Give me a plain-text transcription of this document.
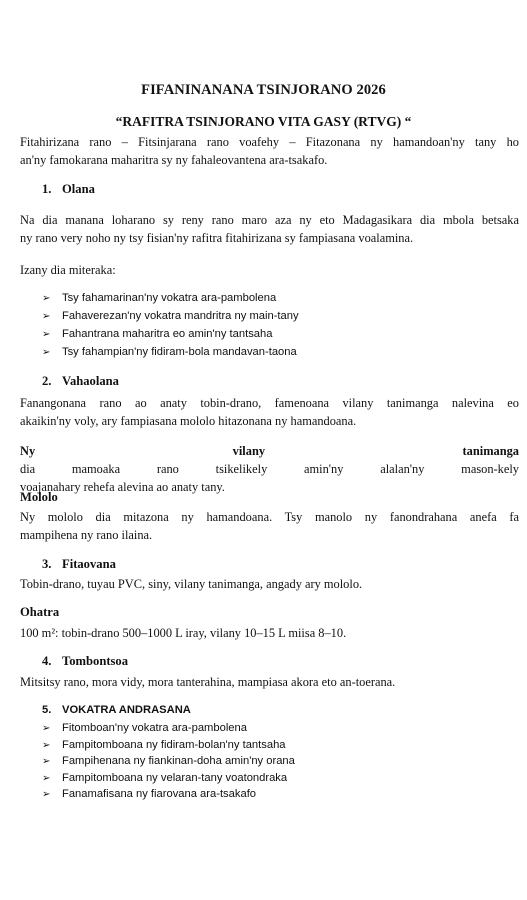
FIFANINANANA TSINJORANO 2026
“RAFITRA TSINJORANO VITA GASY (RTVG) “
Fitahirizana rano – Fitsinjarana rano voafehy – Fitazonana ny hamandoan'ny tany ho
an'ny famokarana maharitra sy ny fahaleovantena ara-tsakafo.
1. Olana
Na dia manana loharano sy reny rano maro aza ny eto Madagasikara dia mbola betsaka
ny rano very noho ny tsy fisian'ny rafitra fitahirizana sy fampiasana voalamina.
Izany dia miteraka:
➢ Tsy fahamarinan'ny vokatra ara-pambolena
➢ Fahaverezan'ny vokatra mandritra ny main-tany
➢ Fahantrana maharitra eo amin'ny tantsaha
➢ Tsy fahampian'ny fidiram-bola mandavan-taona
2. Vahaolana
Fanangonana rano ao anaty tobin-drano, famenoana vilany tanimanga nalevina eo
akaikin'ny voly, ary fampiasana mololo hitazonana ny hamandoana.
Ny vilany tanimanga
dia mamoaka rano tsikelikely amin'ny alalan'ny mason-kely
voajanahary rehefa alevina ao anaty tany.
Mololo
Ny mololo dia mitazona ny hamandoana. Tsy manolo ny fanondrahana anefa fa
mampihena ny rano ilaina.
3. Fitaovana
Tobin-drano, tuyau PVC, siny, vilany tanimanga, angady ary mololo.
Ohatra
100 m²: tobin-drano 500–1000 L iray, vilany 10–15 L miisa 8–10.
4. Tombontsoa
Mitsitsy rano, mora vidy, mora tanterahina, mampiasa akora eto an-toerana.
5. VOKATRA ANDRASANA
➢ Fitomboan'ny vokatra ara-pambolena
➢ Fampitomboana ny fidiram-bolan'ny tantsaha
➢ Fampihenana ny fiankinan-doha amin'ny orana
➢ Fampitomboana ny velaran-tany voatondraka
➢ Fanamafisana ny fiarovana ara-tsakafo
